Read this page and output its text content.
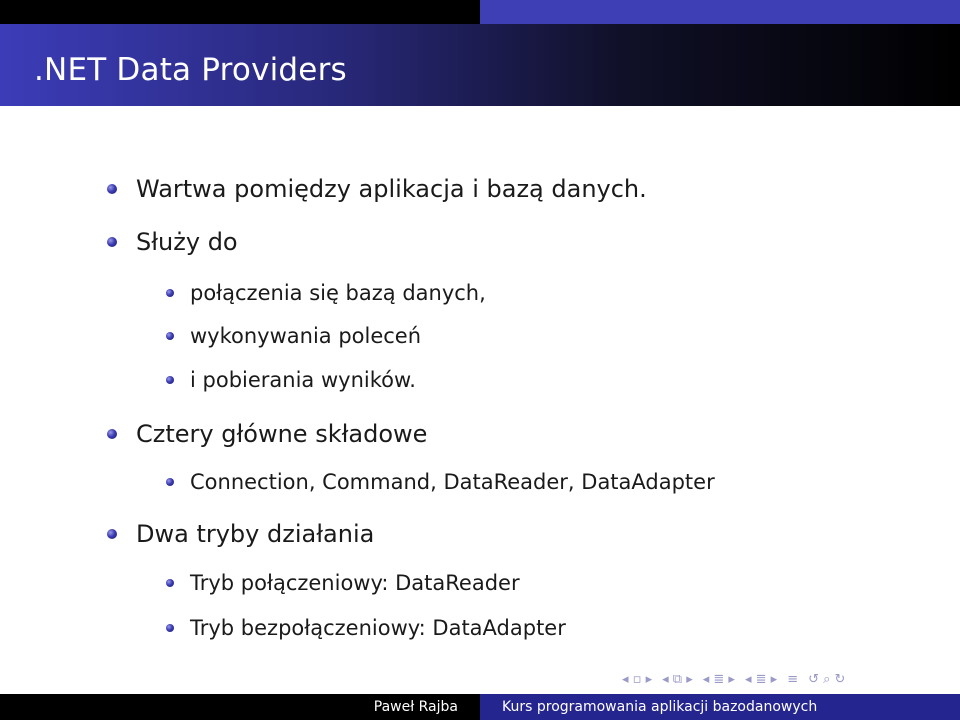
.NET Data Providers
Wartwa pomiędzy aplikacja i bazą danych.
Służy do
połączenia się bazą danych,
wykonywania poleceń
i pobierania wyników.
Cztery główne składowe
Connection, Command, DataReader, DataAdapter
Dwa tryby działania
Tryb połączeniowy: DataReader
Tryb bezpołączeniowy: DataAdapter
◂ ▫ ▸ ◂ ⧉ ▸ ◂ ≣ ▸ ◂ ≣ ▸ ≡ ↺ ⌕ ↻
Paweł Rajba	Kurs programowania aplikacji bazodanowych
